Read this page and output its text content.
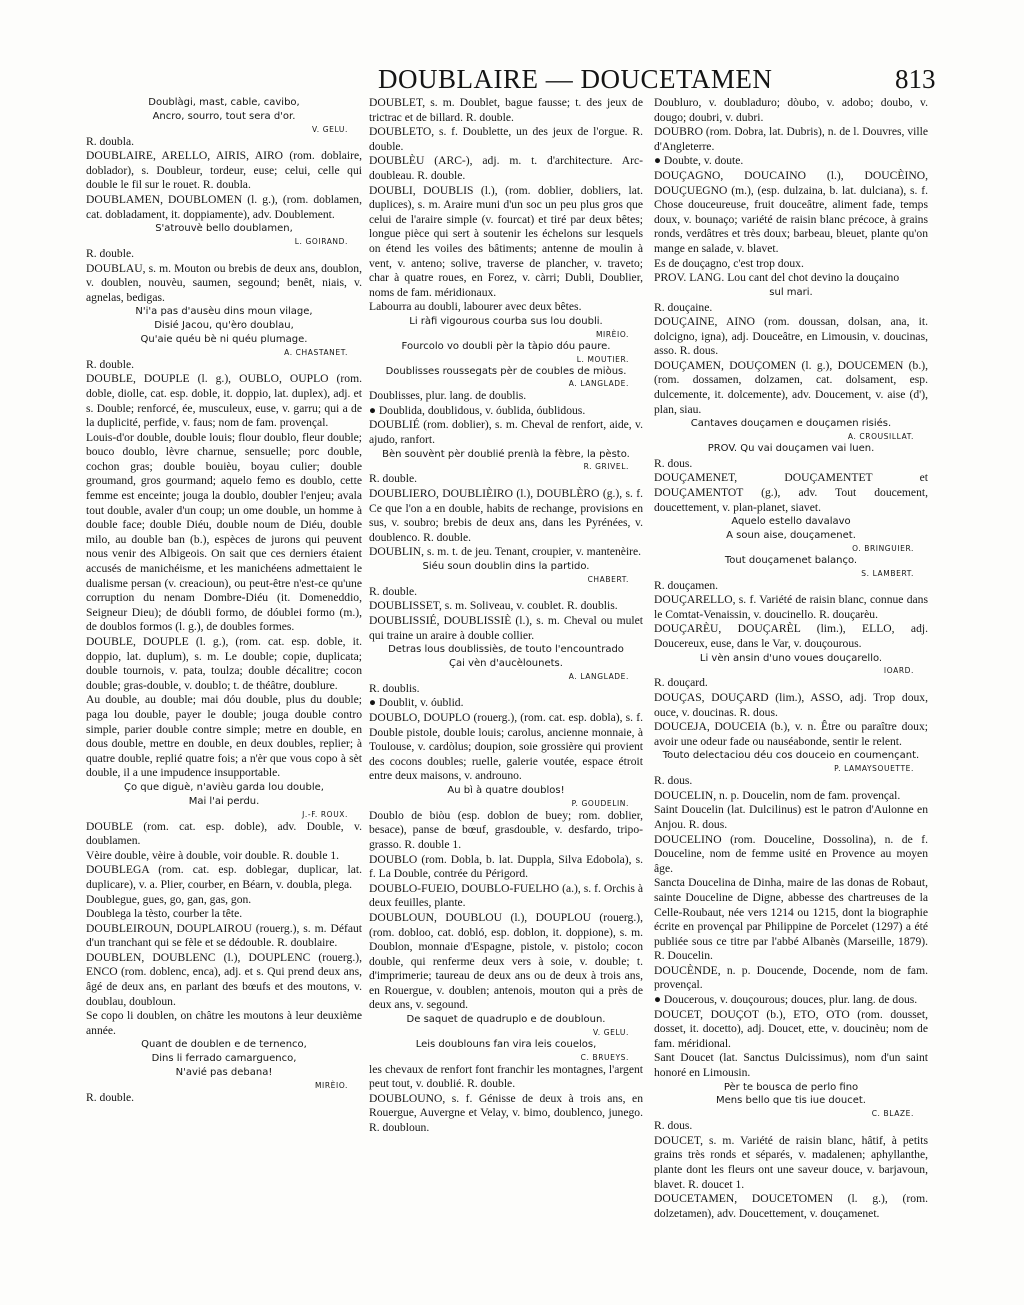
DOUBLAIRE — DOUCETAMEN	813
Doublàgi, mast, cable, cavibo,
Ancro, sourro, tout sera d'or.
V. GELU.
R. doubla.
DOUBLAIRE, ARELLO, AIRIS, AIRO (rom. doblaire, doblador), s. Doubleur, tordeur, euse; celui, celle qui double le fil sur le rouet. R. doubla.
DOUBLAMEN, DOUBLOMEN (l. g.), (rom. doblamen, cat. dobladament, it. doppiamente), adv. Doublement.
S'atrouvè bello doublamen,
L. GOIRAND.
R. double.
DOUBLAU, s. m. Mouton ou brebis de deux ans, doublon, v. doublen, nouvèu, saumen, segound; benêt, niais, v. agnelas, bedigas.
N'i'a pas d'ausèu dins moun vilage,
Disié Jacou, qu'èro doublau,
Qu'aie quéu bè ni quéu plumage.
A. CHASTANET.
R. double.
DOUBLE, DOUPLE (l. g.), OUBLO, OUPLO (rom. doble, diolle, cat. esp. doble, it. doppio, lat. duplex), adj. et s. Double; renforcé, ée, musculeux, euse, v. garru; qui a de la duplicité, perfide, v. faus; nom de fam. provençal.
Louis-d'or double, double louis; flour doublo, fleur double; bouco doublo, lèvre charnue, sensuelle; porc double, cochon gras; double bouièu, boyau culier; double groumand, gros gourmand; aquelo femo es doublo, cette femme est enceinte; jouga la doublo, doubler l'enjeu; avala tout double, avaler d'un coup; un ome double, un homme à double face; double Diéu, double noum de Diéu, double milo, au double ban (b.), espèces de jurons qui peuvent nous venir des Albigeois. On sait que ces derniers étaient accusés de manichéisme, et les manichéens admettaient le dualisme persan (v. creacioun), ou peut-être n'est-ce qu'une corruption du nenam Dombre-Diéu (it. Domeneddio, Seigneur Dieu); de dóubli formo, de dóublei formo (m.), de doublos formos (l. g.), de doubles formes.
DOUBLE, DOUPLE (l. g.), (rom. cat. esp. doble, it. doppio, lat. duplum), s. m. Le double; copie, duplicata; double tournois, v. pata, toulza; double décalitre; cocon double; gras-double, v. doublo; t. de théâtre, doublure.
Au double, au double; mai dóu double, plus du double; paga lou double, payer le double; jouga double contro simple, parier double contre simple; metre en double, en dous double, mettre en double, en deux doubles, replier; à quatre double, replié quatre fois; a n'èr que vous copo à sèt double, il a une impudence insupportable.
Ço que diguè, n'avièu garda lou double,
Mai l'ai perdu.
J.-F. ROUX.
DOUBLE (rom. cat. esp. doble), adv. Double, v. doublamen.
Vèire double, vèire à double, voir double. R. double 1.
DOUBLEGA (rom. cat. esp. doblegar, duplicar, lat. duplicare), v. a. Plier, courber, en Béarn, v. doubla, plega.
Doublegue, gues, go, gan, gas, gon.
Doublega la tèsto, courber la tête.
DOUBLEIROUN, DOUPLAIROU (rouerg.), s. m. Défaut d'un tranchant qui se fèle et se dédouble. R. doublaire.
DOUBLEN, DOUBLENC (l.), DOUPLENC (rouerg.), ENCO (rom. doblenc, enca), adj. et s. Qui prend deux ans, âgé de deux ans, en parlant des bœufs et des moutons, v. doublau, doubloun.
Se copo li doublen, on châtre les moutons à leur deuxième année.
Quant de doublen e de ternenco,
Dins li ferrado camarguenco,
N'avié pas debana!
MIRÈIO.
R. double.
DOUBLET, s. m. Doublet, bague fausse; t. des jeux de trictrac et de billard. R. double.
DOUBLETO, s. f. Doublette, un des jeux de l'orgue. R. double.
DOUBLÈU (ARC-), adj. m. t. d'architecture. Arc-doubleau. R. double.
DOUBLI, DOUBLIS (l.), (rom. doblier, dobliers, lat. duplices), s. m. Araire muni d'un soc un peu plus gros que celui de l'araire simple (v. fourcat) et tiré par deux bêtes; longue pièce qui sert à soutenir les échelons sur lesquels on étend les voiles des bâtiments; antenne de moulin à vent, v. anteno; solive, traverse de plancher, v. traveto; char à quatre roues, en Forez, v. càrri; Dubli, Doublier, noms de fam. méridionaux.
Labourra au doubli, labourer avec deux bêtes.
Li ràfi vigourous courba sus lou doubli.
MIRÈIO.
Fourcolo vo doubli pèr la tàpio dóu paure.
L. MOUTIER.
Doublisses roussegats pèr de coubles de miòus.
A. LANGLADE.
Doublisses, plur. lang. de doublis.
● Doublida, doublidous, v. óublida, óublidous.
DOUBLIÉ (rom. doblier), s. m. Cheval de renfort, aide, v. ajudo, ranfort.
Bèn souvènt pèr doublié prenlà la fèbre, la pèsto.
R. GRIVEL.
R. double.
DOUBLIERO, DOUBLIÈIRO (l.), DOUBLÈRO (g.), s. f. Ce que l'on a en double, habits de rechange, provisions en sus, v. soubro; brebis de deux ans, dans les Pyrénées, v. doublenco. R. double.
DOUBLIN, s. m. t. de jeu. Tenant, croupier, v. mantenèire.
Siéu soun doublin dins la partido.
CHABERT.
R. double.
DOUBLISSET, s. m. Soliveau, v. coublet. R. doublis.
DOUBLISSIÉ, DOUBLISSIÈ (l.), s. m. Cheval ou mulet qui traine un araire à double collier.
Detras lous doublissiès, de touto l'encountrado
Çai vèn d'aucèlounets.
A. LANGLADE.
R. doublis.
● Doublit, v. óublid.
DOUBLO, DOUPLO (rouerg.), (rom. cat. esp. dobla), s. f. Double pistole, double louis; carolus, ancienne monnaie, à Toulouse, v. cardòlus; doupion, soie grossière qui provient des cocons doubles; ruelle, galerie voutée, espace étroit entre deux maisons, v. androuno.
Au bì à quatre doublos!
P. GOUDELIN.
Doublo de biòu (esp. doblon de buey; rom. doblier, besace), panse de bœuf, grasdouble, v. desfardo, tripo-grasso. R. double 1.
DOUBLO (rom. Dobla, b. lat. Duppla, Silva Edobola), s. f. La Double, contrée du Périgord.
DOUBLO-FUEIO, DOUBLO-FUELHO (a.), s. f. Orchis à deux feuilles, plante.
DOUBLOUN, DOUBLOU (l.), DOUPLOU (rouerg.), (rom. dobloo, cat. dobló, esp. doblon, it. doppione), s. m. Doublon, monnaie d'Espagne, pistole, v. pistolo; cocon double, qui renferme deux vers à soie, v. double; t. d'imprimerie; taureau de deux ans ou de deux à trois ans, en Rouergue, v. doublen; antenois, mouton qui a près de deux ans, v. segound.
De saquet de quadruplo e de doubloun.
V. GELU.
Leis doublouns fan vira leis couelos,
C. BRUEYS.
les chevaux de renfort font franchir les montagnes, l'argent peut tout, v. doublié. R. double.
DOUBLOUNO, s. f. Génisse de deux à trois ans, en Rouergue, Auvergne et Velay, v. bimo, doublenco, junego. R. doubloun.
Doubluro, v. doubladuro; dòubo, v. adobo; doubo, v. dougo; doubri, v. dubri.
DOUBRO (rom. Dobra, lat. Dubris), n. de l. Douvres, ville d'Angleterre.
● Doubte, v. doute.
DOUÇAGNO, DOUCAINO (l.), DOUCÈINO, DOUÇUEGNO (m.), (esp. dulzaina, b. lat. dulciana), s. f. Chose douceureuse, fruit douceâtre, aliment fade, temps doux, v. bounaço; variété de raisin blanc précoce, à grains ronds, verdâtres et très doux; barbeau, bleuet, plante qu'on mange en salade, v. blavet.
Es de douçagno, c'est trop doux.
PROV. LANG. Lou cant del chot devino la douçaino
sul mari.
R. douçaine.
DOUÇAINE, AINO (rom. doussan, dolsan, ana, it. dolcigno, igna), adj. Douceâtre, en Limousin, v. doucinas, asso. R. dous.
DOUÇAMEN, DOUÇOMEN (l. g.), DOUCEMEN (b.), (rom. dossamen, dolzamen, cat. dolsament, esp. dulcemente, it. dolcemente), adv. Doucement, v. aise (d'), plan, siau.
Cantaves douçamen e douçamen risiés.
A. CROUSILLAT.
PROV. Qu vai douçamen vai luen.
R. dous.
DOUÇAMENET, DOUÇAMENTET et DOUÇAMENTOT (g.), adv. Tout doucement, doucettement, v. plan-planet, siavet.
Aquelo estello davalavo
A soun aise, douçamenet.
O. BRINGUIER.
Tout douçamenet balanço.
S. LAMBERT.
R. douçamen.
DOUÇARELLO, s. f. Variété de raisin blanc, connue dans le Comtat-Venaissin, v. doucinello. R. douçarèu.
DOUÇARÈU, DOUÇARÈL (lim.), ELLO, adj. Doucereux, euse, dans le Var, v. douçourous.
Li vèn ansin d'uno voues douçarello.
IOARD.
R. douçard.
DOUÇAS, DOUÇARD (lim.), ASSO, adj. Trop doux, ouce, v. doucinas. R. dous.
DOUCEJA, DOUCEIA (b.), v. n. Être ou paraître doux; avoir une odeur fade ou nauséabonde, sentir le relent.
Touto delectaciou déu cos douceio en coumençant.
P. LAMAYSOUETTE.
R. dous.
DOUCELIN, n. p. Doucelin, nom de fam. provençal.
Saint Doucelin (lat. Dulcilinus) est le patron d'Aulonne en Anjou. R. dous.
DOUCELINO (rom. Douceline, Dossolina), n. de f. Douceline, nom de femme usité en Provence au moyen âge.
Sancta Doucelina de Dinha, maire de las donas de Robaut, sainte Douceline de Digne, abbesse des chartreuses de la Celle-Roubaut, née vers 1214 ou 1215, dont la biographie écrite en provençal par Philippine de Porcelet (1297) a été publiée sous ce titre par l'abbé Albanès (Marseille, 1879). R. Doucelin.
DOUCÈNDE, n. p. Doucende, Docende, nom de fam. provençal.
● Doucerous, v. douçourous; douces, plur. lang. de dous.
DOUCET, DOUÇOT (b.), ETO, OTO (rom. dousset, dosset, it. docetto), adj. Doucet, ette, v. doucinèu; nom de fam. méridional.
Sant Doucet (lat. Sanctus Dulcissimus), nom d'un saint honoré en Limousin.
Pèr te bousca de perlo fino
Mens bello que tis iue doucet.
C. BLAZE.
R. dous.
DOUCET, s. m. Variété de raisin blanc, hâtif, à petits grains très ronds et séparés, v. madalenen; aphyllanthe, plante dont les fleurs ont une saveur douce, v. barjavoun, blavet. R. doucet 1.
DOUCETAMEN, DOUCETOMEN (l. g.), (rom. dolzetamen), adv. Doucettement, v. douçamenet.
